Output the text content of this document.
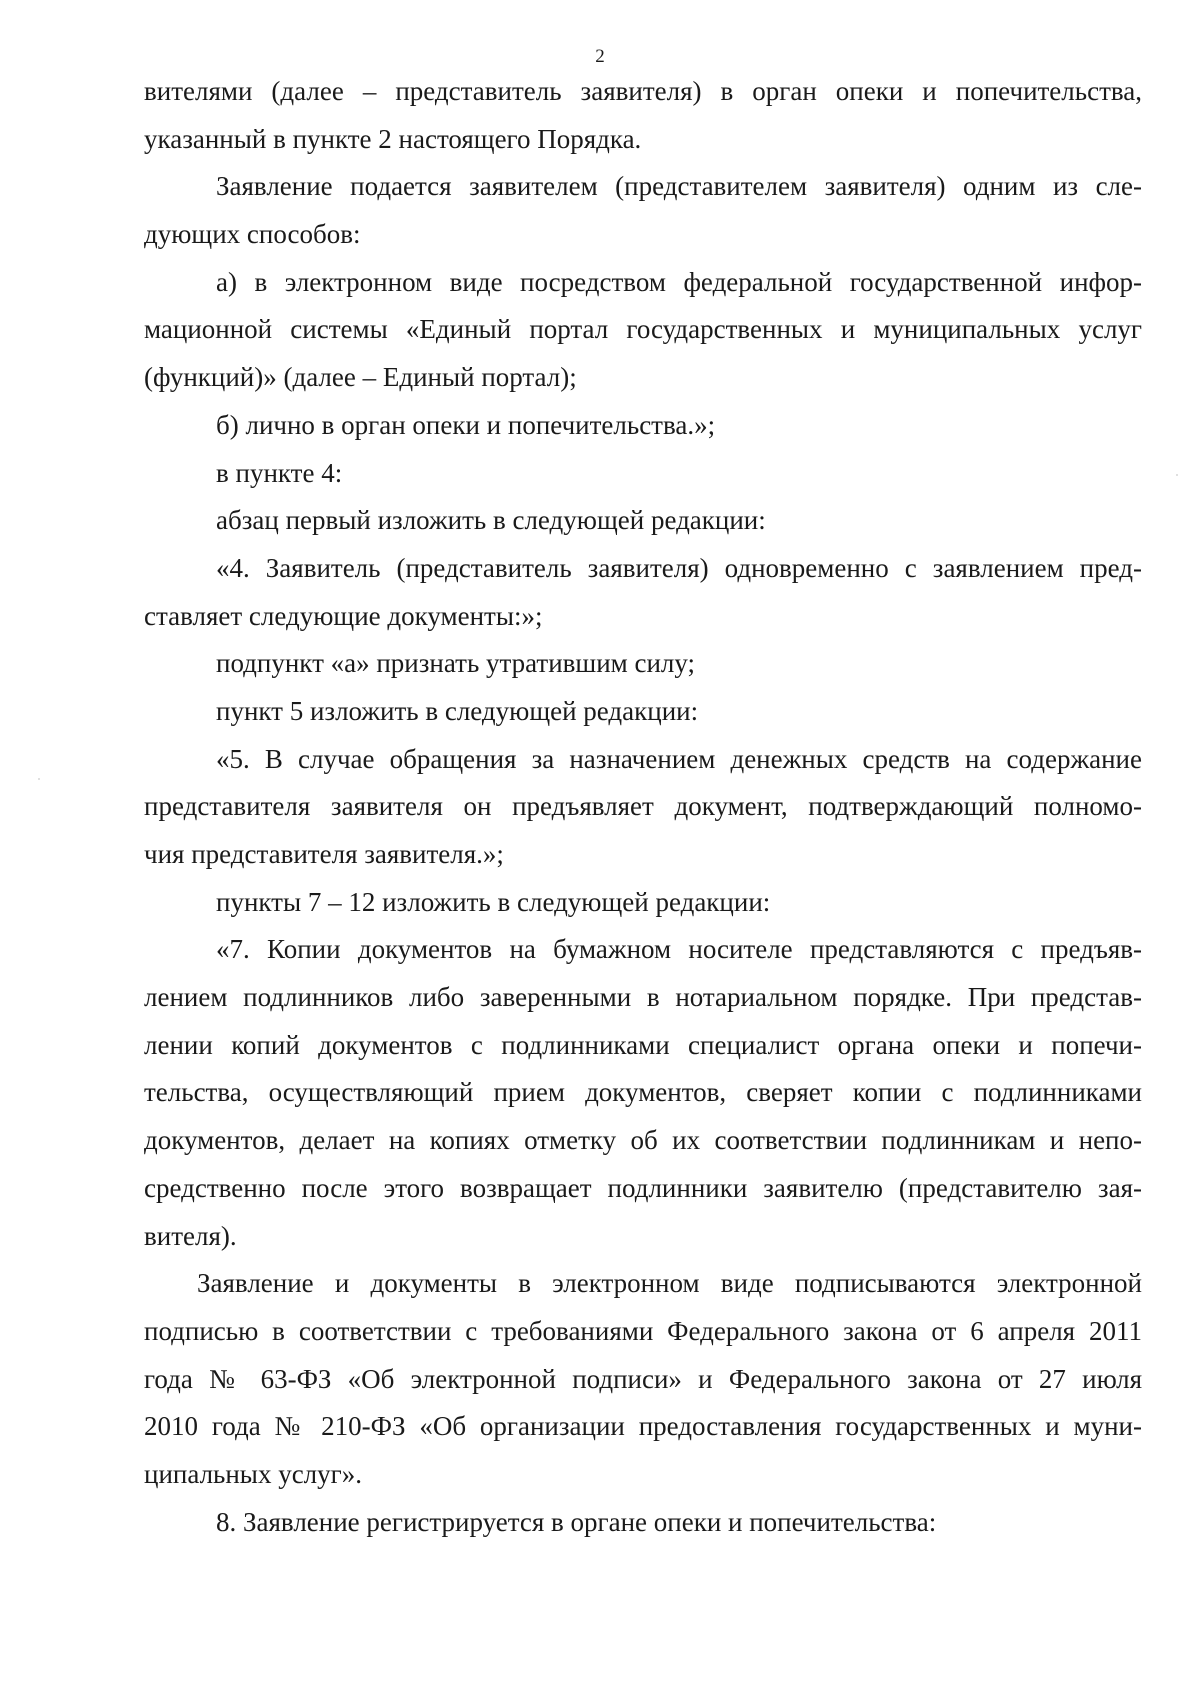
2
вителями (далее – представитель заявителя) в орган опеки и попечительства,
указанный в пункте 2 настоящего Порядка.
Заявление подается заявителем (представителем заявителя) одним из сле-
дующих способов:
а) в электронном виде посредством федеральной государственной инфор-
мационной системы «Единый портал государственных и муниципальных услуг
(функций)» (далее – Единый портал);
б) лично в орган опеки и попечительства.»;
в пункте 4:
абзац первый изложить в следующей редакции:
«4. Заявитель (представитель заявителя) одновременно с заявлением пред-
ставляет следующие документы:»;
подпункт «а» признать утратившим силу;
пункт 5 изложить в следующей редакции:
«5. В случае обращения за назначением денежных средств на содержание
представителя заявителя он предъявляет документ, подтверждающий полномо-
чия представителя заявителя.»;
пункты 7 – 12 изложить в следующей редакции:
«7. Копии документов на бумажном носителе представляются с предъяв-
лением подлинников либо заверенными в нотариальном порядке. При представ-
лении копий документов с подлинниками специалист органа опеки и попечи-
тельства, осуществляющий прием документов, сверяет копии с подлинниками
документов, делает на копиях отметку об их соответствии подлинникам и непо-
средственно после этого возвращает подлинники заявителю (представителю зая-
вителя).
Заявление и документы в электронном виде подписываются электронной
подписью в соответствии с требованиями Федерального закона от 6 апреля 2011
года № 63-ФЗ «Об электронной подписи» и Федерального закона от 27 июля
2010 года № 210-ФЗ «Об организации предоставления государственных и муни-
ципальных услуг».
8. Заявление регистрируется в органе опеки и попечительства:
